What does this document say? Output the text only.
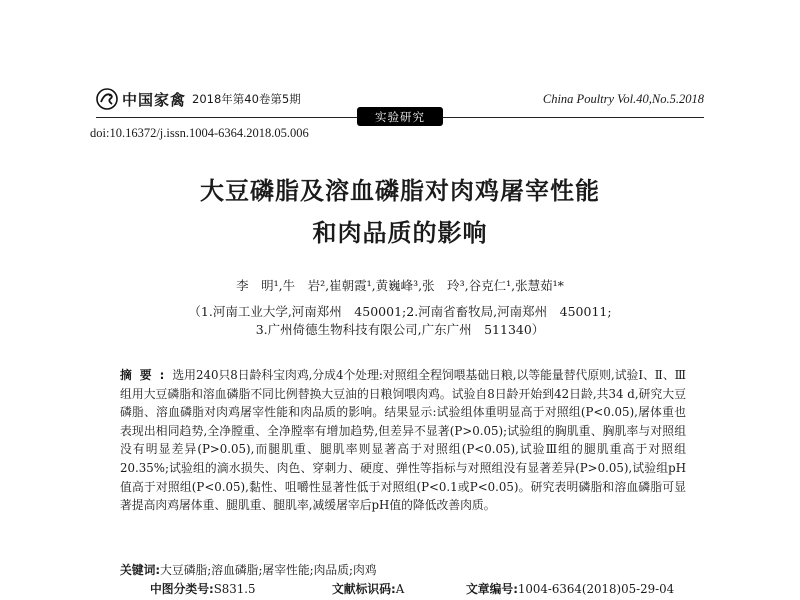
中国家禽 2018年第40卷第5期	China Poultry Vol.40,No.5.2018
实验研究
doi:10.16372/j.issn.1004-6364.2018.05.006
大豆磷脂及溶血磷脂对肉鸡屠宰性能
和肉品质的影响
李　明¹,牛　岩²,崔朝霞¹,黄巍峰³,张　玲³,谷克仁¹,张慧茹¹*
（1.河南工业大学,河南郑州　450001;2.河南省畜牧局,河南郑州　450011;
3.广州倚德生物科技有限公司,广东广州　511340）
摘要:选用240只8日龄科宝肉鸡,分成4个处理:对照组全程饲喂基础日粮,以等能量替代原则,试验Ⅰ、Ⅱ、Ⅲ组用大豆磷脂和溶血磷脂不同比例替换大豆油的日粮饲喂肉鸡。试验自8日龄开始到42日龄,共34 d,研究大豆磷脂、溶血磷脂对肉鸡屠宰性能和肉品质的影响。结果显示:试验组体重明显高于对照组(P<0.05),屠体重也表现出相同趋势,全净膛重、全净膛率有增加趋势,但差异不显著(P>0.05);试验组的胸肌重、胸肌率与对照组没有明显差异(P>0.05),而腿肌重、腿肌率则显著高于对照组(P<0.05),试验Ⅲ组的腿肌重高于对照组20.35%;试验组的滴水损失、肉色、穿刺力、硬度、弹性等指标与对照组没有显著差异(P>0.05),试验组pH值高于对照组(P<0.05),黏性、咀嚼性显著性低于对照组(P<0.1或P<0.05)。研究表明磷脂和溶血磷脂可显著提高肉鸡屠体重、腿肌重、腿肌率,减缓屠宰后pH值的降低改善肉质。
关键词:大豆磷脂;溶血磷脂;屠宰性能;肉品质;肉鸡
中图分类号:S831.5	文献标识码:A	文章编号:1004-6364(2018)05-29-04
